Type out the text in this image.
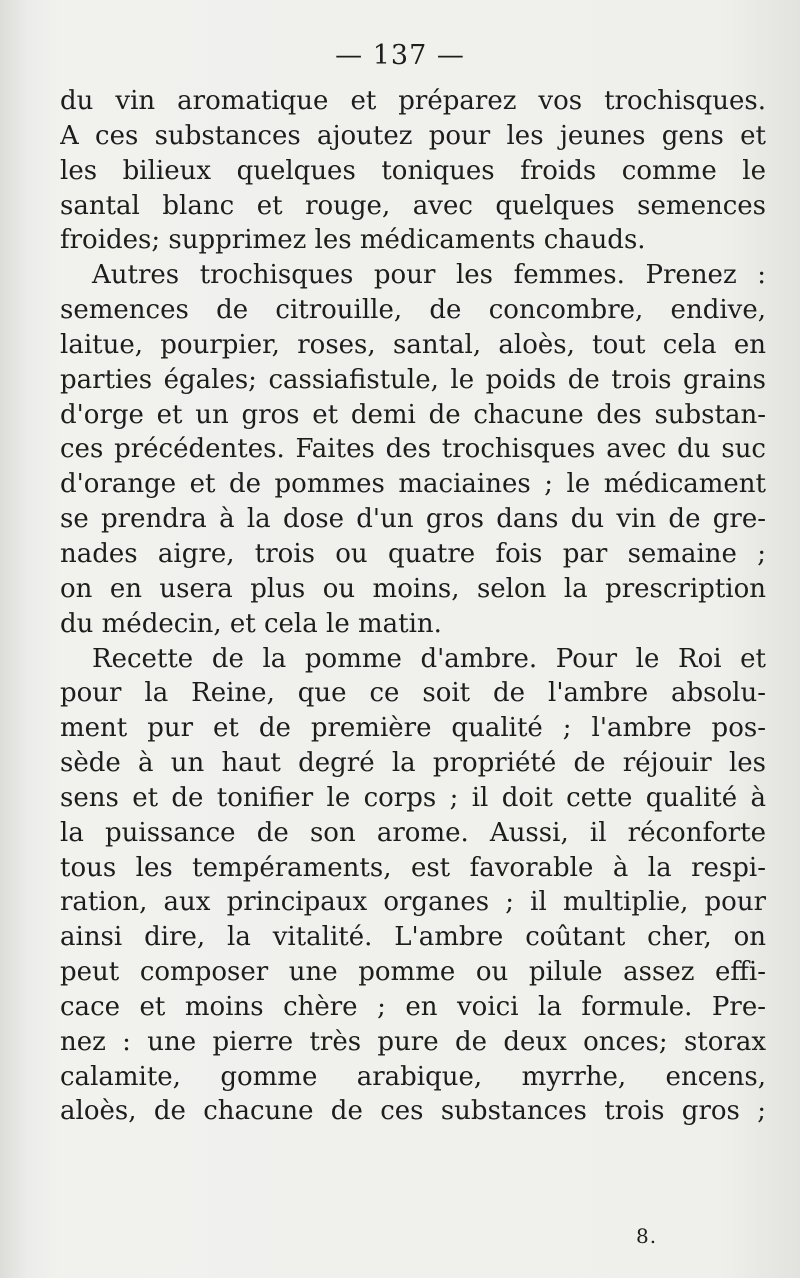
— 137 —
du vin aromatique et préparez vos trochisques.
A ces substances ajoutez pour les jeunes gens et
les bilieux quelques toniques froids comme le
santal blanc et rouge, avec quelques semences
froides; supprimez les médicaments chauds.
Autres trochisques pour les femmes. Prenez :
semences de citrouille, de concombre, endive,
laitue, pourpier, roses, santal, aloès, tout cela en
parties égales; cassiafistule, le poids de trois grains
d'orge et un gros et demi de chacune des substan-
ces précédentes. Faites des trochisques avec du suc
d'orange et de pommes maciaines ; le médicament
se prendra à la dose d'un gros dans du vin de gre-
nades aigre, trois ou quatre fois par semaine ;
on en usera plus ou moins, selon la prescription
du médecin, et cela le matin.
Recette de la pomme d'ambre. Pour le Roi et
pour la Reine, que ce soit de l'ambre absolu-
ment pur et de première qualité ; l'ambre pos-
sède à un haut degré la propriété de réjouir les
sens et de tonifier le corps ; il doit cette qualité à
la puissance de son arome. Aussi, il réconforte
tous les tempéraments, est favorable à la respi-
ration, aux principaux organes ; il multiplie, pour
ainsi dire, la vitalité. L'ambre coûtant cher, on
peut composer une pomme ou pilule assez effi-
cace et moins chère ; en voici la formule. Pre-
nez : une pierre très pure de deux onces; storax
calamite, gomme arabique, myrrhe, encens,
aloès, de chacune de ces substances trois gros ;
8.
